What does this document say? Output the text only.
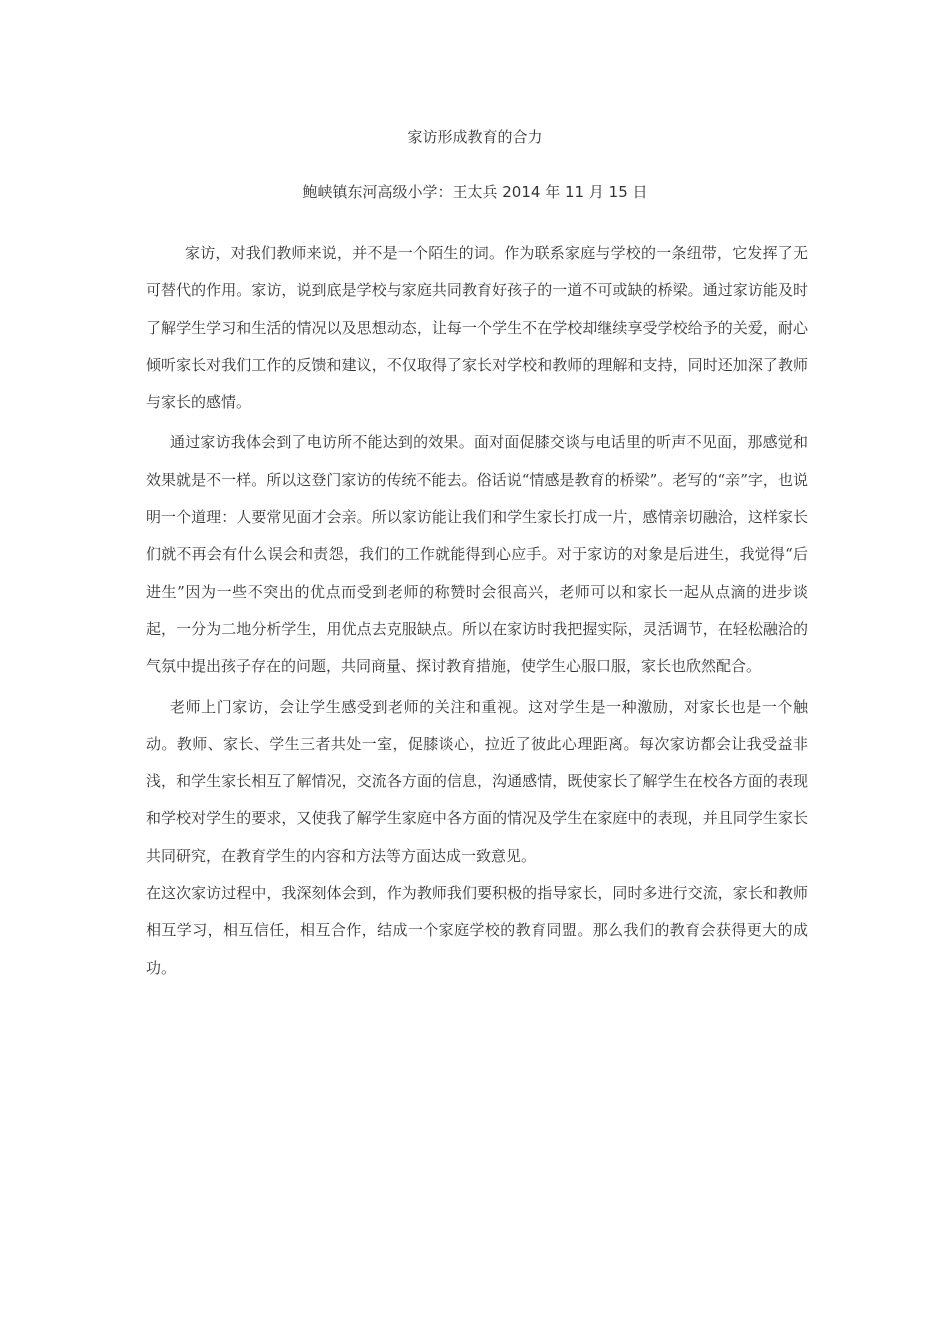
家访形成教育的合力
鲍峡镇东河高级小学：王太兵 2014 年 11 月 15 日

家访，对我们教师来说，并不是一个陌生的词。作为联系家庭与学校的一条纽带，它发挥了无可替代的作用。家访，说到底是学校与家庭共同教育好孩子的一道不可或缺的桥梁。通过家访能及时了解学生学习和生活的情况以及思想动态，让每一个学生不在学校却继续享受学校给予的关爱，耐心倾听家长对我们工作的反馈和建议，不仅取得了家长对学校和教师的理解和支持，同时还加深了教师与家长的感情。

通过家访我体会到了电访所不能达到的效果。面对面促膝交谈与电话里的听声不见面，那感觉和效果就是不一样。所以这登门家访的传统不能去。俗话说“情感是教育的桥梁”。老写的“亲”字，也说明一个道理：人要常见面才会亲。所以家访能让我们和学生家长打成一片，感情亲切融洽，这样家长们就不再会有什么误会和责怨，我们的工作就能得到心应手。对于家访的对象是后进生，我觉得“后进生”因为一些不突出的优点而受到老师的称赞时会很高兴，老师可以和家长一起从点滴的进步谈起，一分为二地分析学生，用优点去克服缺点。所以在家访时我把握实际，灵活调节，在轻松融洽的气氛中提出孩子存在的问题，共同商量、探讨教育措施，使学生心服口服，家长也欣然配合。

老师上门家访，会让学生感受到老师的关注和重视。这对学生是一种激励，对家长也是一个触动。教师、家长、学生三者共处一室，促膝谈心，拉近了彼此心理距离。每次家访都会让我受益非浅，和学生家长相互了解情况，交流各方面的信息，沟通感情，既使家长了解学生在校各方面的表现和学校对学生的要求，又使我了解学生家庭中各方面的情况及学生在家庭中的表现，并且同学生家长共同研究，在教育学生的内容和方法等方面达成一致意见。

在这次家访过程中，我深刻体会到，作为教师我们要积极的指导家长，同时多进行交流，家长和教师相互学习，相互信任，相互合作，结成一个家庭学校的教育同盟。那么我们的教育会获得更大的成功。
